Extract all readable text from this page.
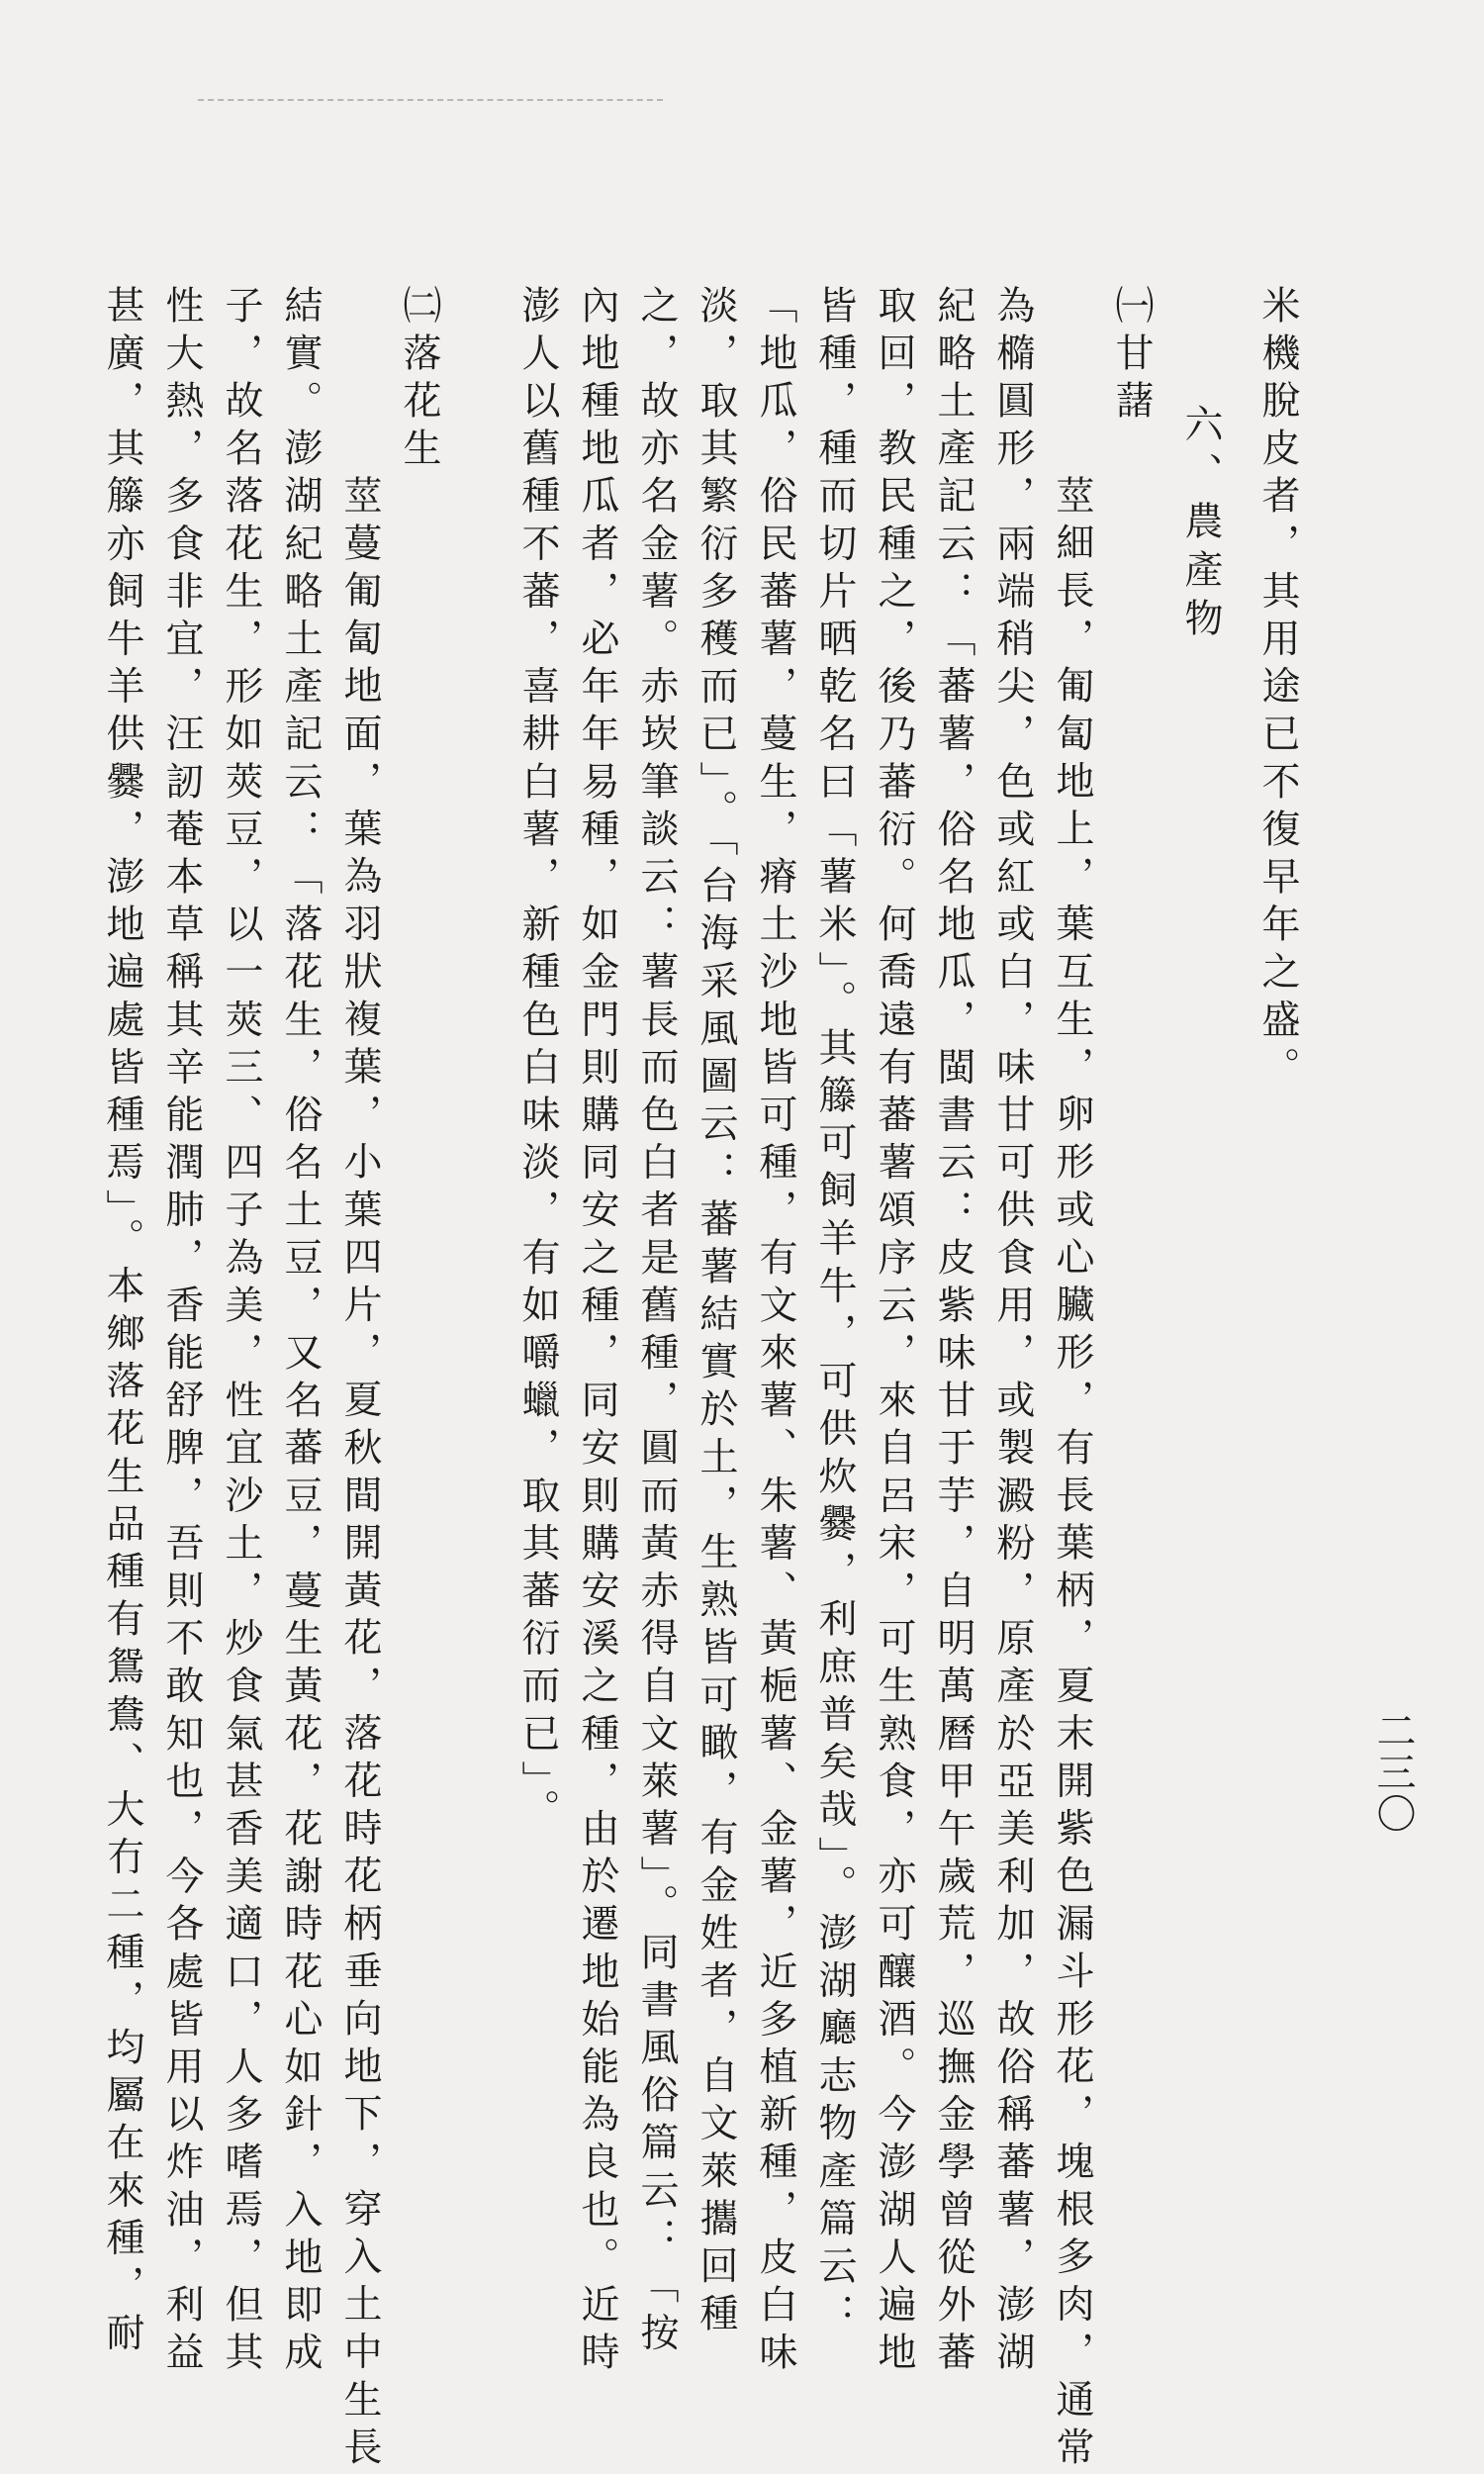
二三〇
米機脫皮者，其用途已不復早年之盛。
六、農產物
㈠甘藷
莖細長，匍匐地上，葉互生，卵形或心臟形，有長葉柄，夏末開紫色漏斗形花，塊根多肉，通常
為橢圓形，兩端稍尖，色或紅或白，味甘可供食用，或製澱粉，原產於亞美利加，故俗稱蕃薯，澎湖
紀略土產記云：「蕃薯，俗名地瓜，閩書云：皮紫味甘于芋，自明萬曆甲午歲荒，巡撫金學曾從外蕃
取回，教民種之，後乃蕃衍。何喬遠有蕃薯頌序云，來自呂宋，可生熟食，亦可釀酒。今澎湖人遍地
皆種，種而切片晒乾名曰「薯米」。其籐可飼羊牛，可供炊爨，利庶普矣哉」。澎湖廳志物產篇云：
「地瓜，俗民蕃薯，蔓生，瘠土沙地皆可種，有文來薯、朱薯、黃梔薯、金薯，近多植新種，皮白味
淡，取其繁衍多穫而已」。「台海采風圖云：蕃薯結實於土，生熟皆可瞰，有金姓者，自文萊攜回種
之，故亦名金薯。赤崁筆談云：薯長而色白者是舊種，圓而黃赤得自文萊薯」。同書風俗篇云：「按
內地種地瓜者，必年年易種，如金門則購同安之種，同安則購安溪之種，由於遷地始能為良也。近時
澎人以舊種不蕃，喜耕白薯，新種色白味淡，有如嚼蠟，取其蕃衍而已」。
㈡落花生
莖蔓匍匐地面，葉為羽狀複葉，小葉四片，夏秋間開黃花，落花時花柄垂向地下，穿入土中生長
結實。澎湖紀略土產記云：「落花生，俗名土豆，又名蕃豆，蔓生黃花，花謝時花心如針，入地即成
子，故名落花生，形如莢豆，以一莢三、四子為美，性宜沙土，炒食氣甚香美適口，人多嗜焉，但其
性大熱，多食非宜，汪訒菴本草稱其辛能潤肺，香能舒脾，吾則不敢知也，今各處皆用以炸油，利益
甚廣，其籐亦飼牛羊供爨，澎地遍處皆種焉」。本鄉落花生品種有鴛鴦、大冇二種，均屬在來種，耐
